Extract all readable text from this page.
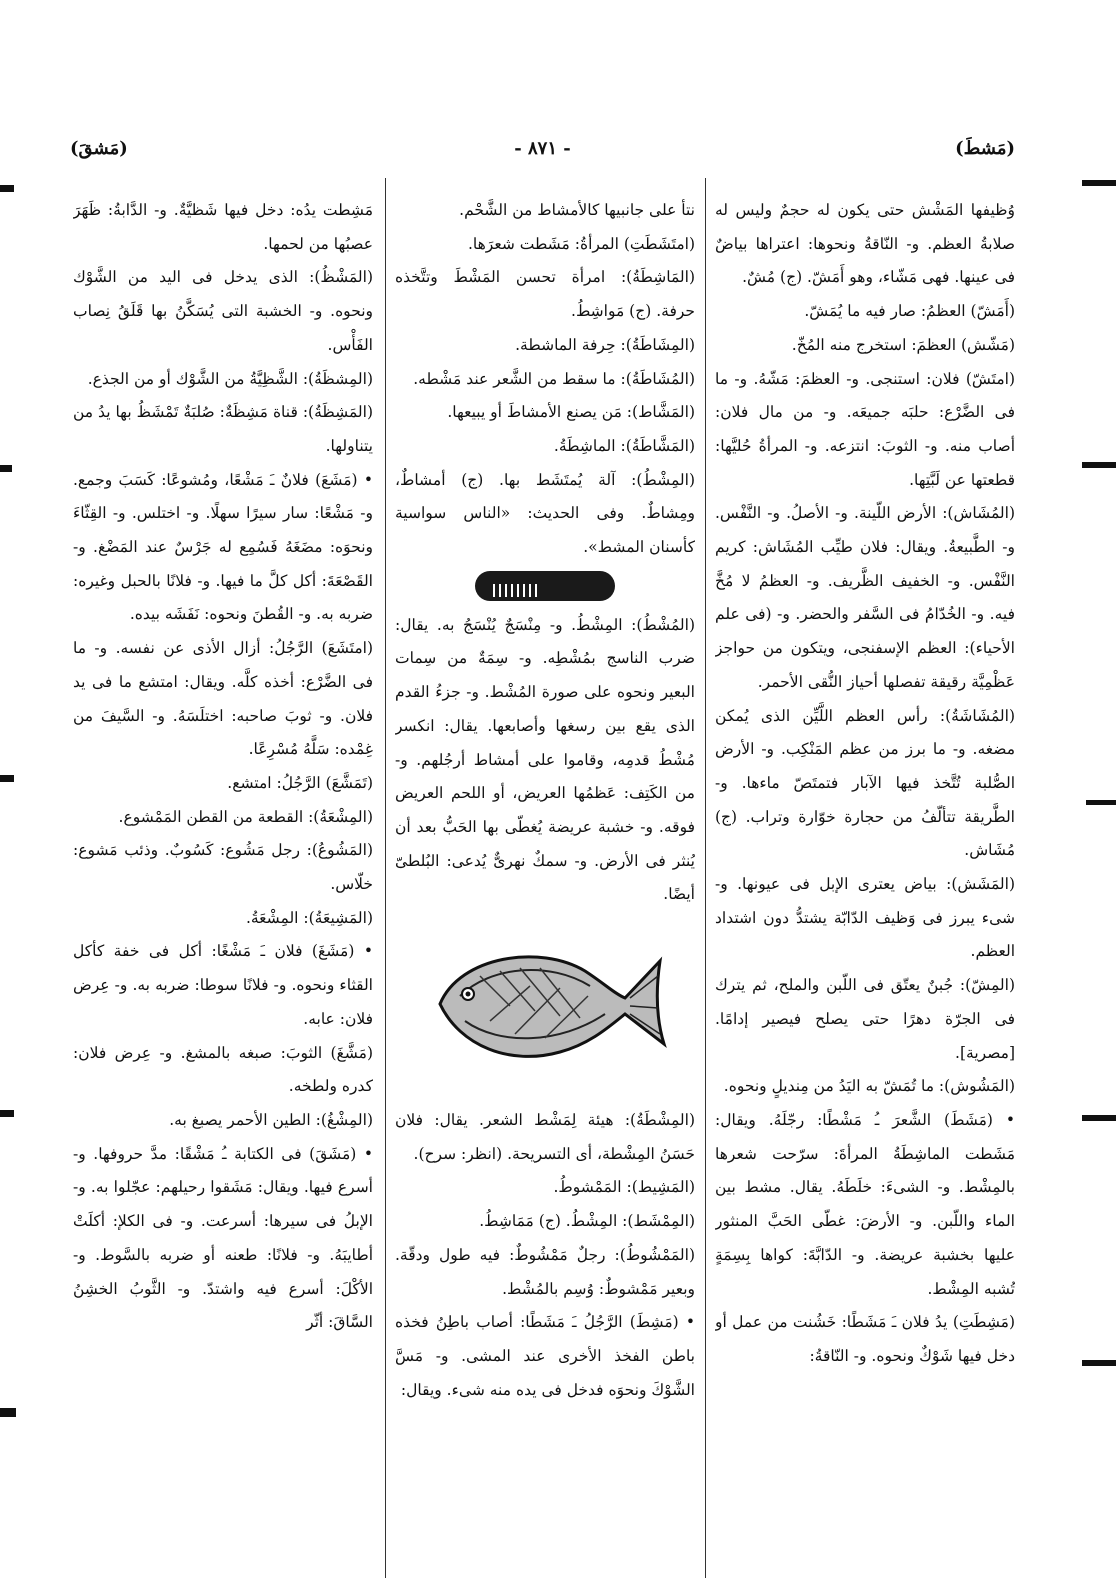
(مَشطَ)
- ٨٧١ -
(مَشقَ)

وُظيفها المَشْش حتى يكون له حجمٌ وليس له صلابةُ العظم. و- النّاقةُ ونحوها: اعتراها بياضٌ فى عينها. فهى مَشّاء، وهو أَمَشّ. (ج) مُشٌ.

(أَمَشّ) العظمُ: صار فيه ما يُمَشّ.

(مَشّش) العظمَ: استخرج منه المُخّ.

(امتَشّ) فلان: استنجى. و- العظمَ: مَشّهُ. و- ما فى الضَّرْع: حلبَه جميعَه. و- من مال فلان: أصاب منه. و- الثوبَ: انتزعه. و- المرأةُ حُليَّها: قطعتها عن لَبَّتِها.

(المُشَاش): الأرض اللّينة. و- الأصلُ. و- النَّفْس. و- الطَّبيعةُ. ويقال: فلان طيِّب المُشَاش: كريم النَّفْس. و- الخفيف الظَّريف. و- العظمُ لا مُخَّ فيه. و- الخُدّامُ فى السَّفر والحضر. و- (فى علم الأحياء): العظم الإسفنجى، ويتكون من حواجز عَظْمِيَّة رقيقة تفصلها أحياز النُّقى الأحمر.

(المُشَاشَةُ): رأس العظم اللَّيِّن الذى يُمكن مضغه. و- ما برز من عظم المَنْكِب. و- الأرض الصُّلبة تُتَّخذ فيها الآبار فتمتَصّ ماءها. و- الطَّريقة تتألّفُ من حجارة خوّارة وتراب. (ج) مُشَاش.

(المَشَش): بياض يعترى الإبل فى عيونها. و- شىء يبرز فى وَظيف الدّابّة يشتدُّ دون اشتداد العظم.

(المِشّ): جُبنٌ يعتّق فى اللّبن والملح، ثم يترك فى الجرّة دهرًا حتى يصلح فيصير إدامًا. [مصرية].

(المَشُوش): ما تُمَشّ به اليَدُ من مِنديلٍ ونحوه.

• (مَشَطَ) الشَّعرَ ـُ مَشْطًا: رجّلَهُ. ويقال: مَشَطت الماشِطَةُ المرأةَ: سرّحت شعرها بالمِشْط. و- الشىءَ: خلَطَهُ. يقال. مشط بين الماء واللّبن. و- الأرضَ: غطّى الحَبَّ المنثور عليها بخشبة عريضة. و- الدّابَّةَ: كواها بِسِمَةٍ تُشبه المِشْط.

(مَشِطَتِ) يدُ فلان ـَ مَشَطًا: خَشُنت من عمل أو دخل فيها شَوْكٌ ونحوه. و- النّاقةُ:

نتأ على جانبيها كالأمشاط من الشَّحْم.

(امتَشَطَتِ) المرأةُ: مَشَطت شعرَها.

(المَاشِطَةُ): امرأة تحسن المَشْطَ وتتَّخذه حرفة. (ج) مَواشِطُ.

(المِشَاطَةُ): حِرفة الماشطة.

(المُشَاطَةُ): ما سقط من الشَّعر عند مَشْطه.

(المَشَّاط): مَن يصنع الأمشاطَ أو يبيعها.

(المَشَّاطَةُ): الماشِطَةُ.

(المِشْطُ): آلة يُمتَشَط بها. (ج) أمشاطٌ، ومِشاطٌ. وفى الحديث: «الناس سواسية كأسنان المشط».

(المُشْطُ): المِشْطُ. و- مِنْسَجٌ يُنْسَجُ به. يقال: ضرب الناسج بمُشْطِه. و- سِمَةٌ من سِمات البعير ونحوه على صورة المُشْط. و- جزءُ القدم الذى يقع بين رسغها وأصابعها. يقال: انكسر مُشْطُ قدمِه، وقاموا على أمشاط أرجُلهم. و- من الكَتِف: عَظمُها العريض، أو اللحم العريض فوقه. و- خشبة عريضة يُغطّى بها الحَبُّ بعد أن يُنثر فى الأرض. و- سمكٌ نهرىٌّ يُدعى: البُلطىّ أيضًا.

(المِشْطَةُ): هيئة لِمَشْط الشعر. يقال: فلان حَسَنُ المِشْطة، أى التسريحة. (انظر: سرح).

(المَشِيط): المَمْشوطُ.

(المِمْشَط): المِشْطُ. (ج) مَمَاشِطُ.

(المَمْشُوطُ): رجلٌ مَمْشُوطٌ: فيه طول ودقّة. وبعير مَمْشوطٌ: وُسِم بالمُشْط.

• (مَشِطَ) الرَّجُلُ ـَ مَشَطًا: أصاب باطِنُ فخذه باطن الفخذ الأخرى عند المشى. و- مَسَّ الشَّوْكَ ونحوَه فدخل فى يده منه شىء. ويقال:

مَشِطت يدُه: دخل فيها شَظيَّةٌ. و- الدَّابةُ: ظَهَرَ عصبُها من لحمها.

(المَشْظُ): الذى يدخل فى اليد من الشَّوْك ونحوه. و- الخشبة التى يُسَكَّنُ بها قَلَقُ نِصاب الفَأْس.

(المِشظَةُ): الشَّظِيَّةُ من الشَّوْك أو من الجذع.

(المَشِظَةُ): قناة مَشِظَةٌ: صُلبَةٌ تَمْشَظُ بها يدُ من يتناولها.

• (مَشَعَ) فلانٌ ـَ مَشْعًا، ومُشوعًا: كَسَبَ وجمع. و- مَشْعًا: سار سيرًا سهلًا. و- اختلس. و- القِثّاءَ ونحوَه: مضَغَهُ فَسُمِع له جَرْسٌ عند المَضْغ. و- القَصْعَةَ: أكل كلَّ ما فيها. و- فلانًا بالحبل وغيره: ضربه به. و- القُطنَ ونحوه: نَفَشَه بيده.

(امتَشَعَ) الرَّجُلُ: أزال الأذى عن نفسه. و- ما فى الضَّرْع: أخذه كلَّه. ويقال: امتشع ما فى يد فلان. و- ثوبَ صاحبه: اختلَسَهُ. و- السَّيفَ من غِمْده: سَلَّهُ مُسْرِعًا.

(تَمَشَّعَ) الرَّجُلُ: امتشع.

(المِشْعَةُ): القطعة من القطن المَمْشوع.

(المَشُوعُ): رجل مَشُوع: كَسُوبٌ. وذئب مَشوع: خلّاس.

(المَشِيعَةُ): المِشْعَةُ.

• (مَشَغَ) فلان ـَ مَشْغًا: أكل فى خفة كأكل القثاء ونحوه. و- فلانًا سوطا: ضربه به. و- عِرض فلان: عابه.

(مَشَّغَ) الثوبَ: صبغه بالمشغ. و- عِرض فلان: كدره ولطخه.

(المِشْغُ): الطين الأحمر يصبغ به.

• (مَشَقَ) فى الكتابة ـُ مَشْقًا: مدَّ حروفها. و- أسرع فيها. ويقال: مَشَقوا رحيلهم: عجّلوا به. و- الإبلُ فى سيرها: أسرعت. و- فى الكلإ: أكلَتْ أطايبَهُ. و- فلانًا: طعنه أو ضربه بالسَّوط. و- الأكْلَ: أسرع فيه واشتدّ. و- الثَّوبُ الخشِنُ السَّاقَ: أثّر
